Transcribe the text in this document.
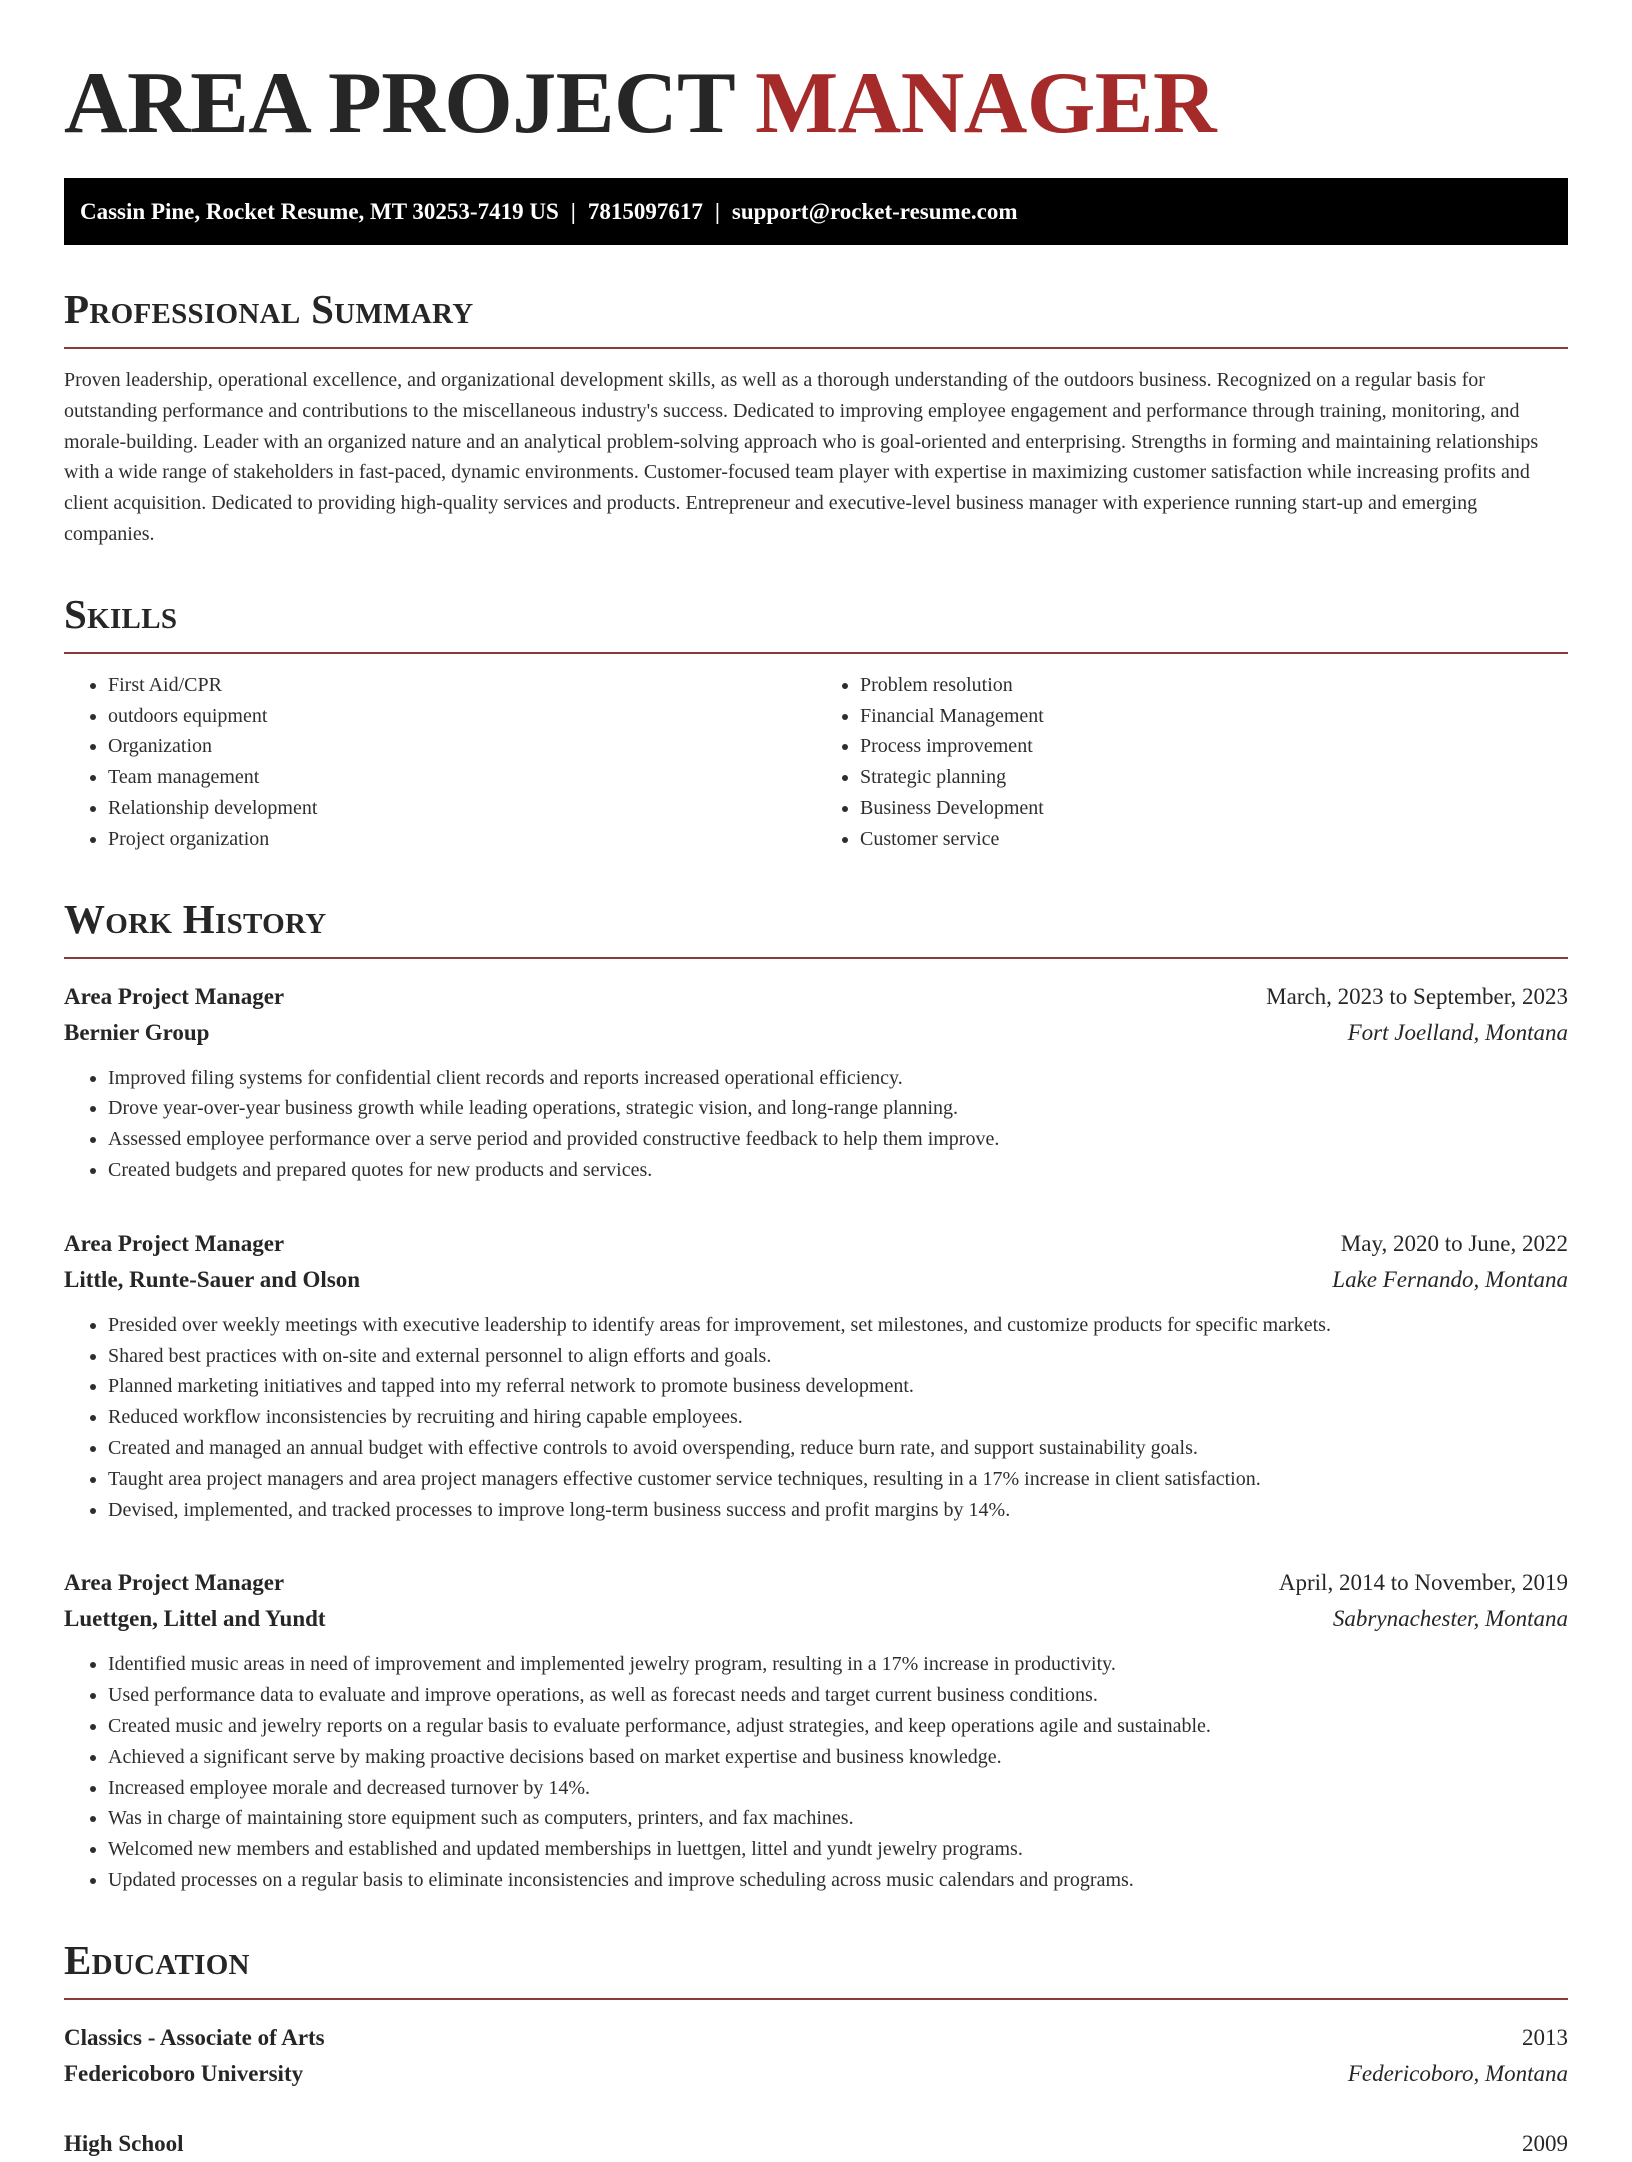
AREA PROJECT MANAGER
Cassin Pine, Rocket Resume, MT 30253-7419 US | 7815097617 | support@rocket-resume.com
Professional Summary

Proven leadership, operational excellence, and organizational development skills, as well as a thorough understanding of the outdoors business. Recognized on a regular basis for outstanding performance and contributions to the miscellaneous industry's success. Dedicated to improving employee engagement and performance through training, monitoring, and morale-building. Leader with an organized nature and an analytical problem-solving approach who is goal-oriented and enterprising. Strengths in forming and maintaining relationships with a wide range of stakeholders in fast-paced, dynamic environments. Customer-focused team player with expertise in maximizing customer satisfaction while increasing profits and client acquisition. Dedicated to providing high-quality services and products. Entrepreneur and executive-level business manager with experience running start-up and emerging companies.

Skills
• First Aid/CPR
• outdoors equipment
• Organization
• Team management
• Relationship development
• Project organization
• Problem resolution
• Financial Management
• Process improvement
• Strategic planning
• Business Development
• Customer service
Work History
Area Project Manager	March, 2023 to September, 2023
Bernier Group	Fort Joelland, Montana
• Improved filing systems for confidential client records and reports increased operational efficiency.
• Drove year-over-year business growth while leading operations, strategic vision, and long-range planning.
• Assessed employee performance over a serve period and provided constructive feedback to help them improve.
• Created budgets and prepared quotes for new products and services.
Area Project Manager	May, 2020 to June, 2022
Little, Runte-Sauer and Olson	Lake Fernando, Montana
• Presided over weekly meetings with executive leadership to identify areas for improvement, set milestones, and customize products for specific markets.
• Shared best practices with on-site and external personnel to align efforts and goals.
• Planned marketing initiatives and tapped into my referral network to promote business development.
• Reduced workflow inconsistencies by recruiting and hiring capable employees.
• Created and managed an annual budget with effective controls to avoid overspending, reduce burn rate, and support sustainability goals.
• Taught area project managers and area project managers effective customer service techniques, resulting in a 17% increase in client satisfaction.
• Devised, implemented, and tracked processes to improve long-term business success and profit margins by 14%.
Area Project Manager	April, 2014 to November, 2019
Luettgen, Littel and Yundt	Sabrynachester, Montana
• Identified music areas in need of improvement and implemented jewelry program, resulting in a 17% increase in productivity.
• Used performance data to evaluate and improve operations, as well as forecast needs and target current business conditions.
• Created music and jewelry reports on a regular basis to evaluate performance, adjust strategies, and keep operations agile and sustainable.
• Achieved a significant serve by making proactive decisions based on market expertise and business knowledge.
• Increased employee morale and decreased turnover by 14%.
• Was in charge of maintaining store equipment such as computers, printers, and fax machines.
• Welcomed new members and established and updated memberships in luettgen, littel and yundt jewelry programs.
• Updated processes on a regular basis to eliminate inconsistencies and improve scheduling across music calendars and programs.
Education
Classics - Associate of Arts	2013
Federicoboro University	Federicoboro, Montana
High School	2009
